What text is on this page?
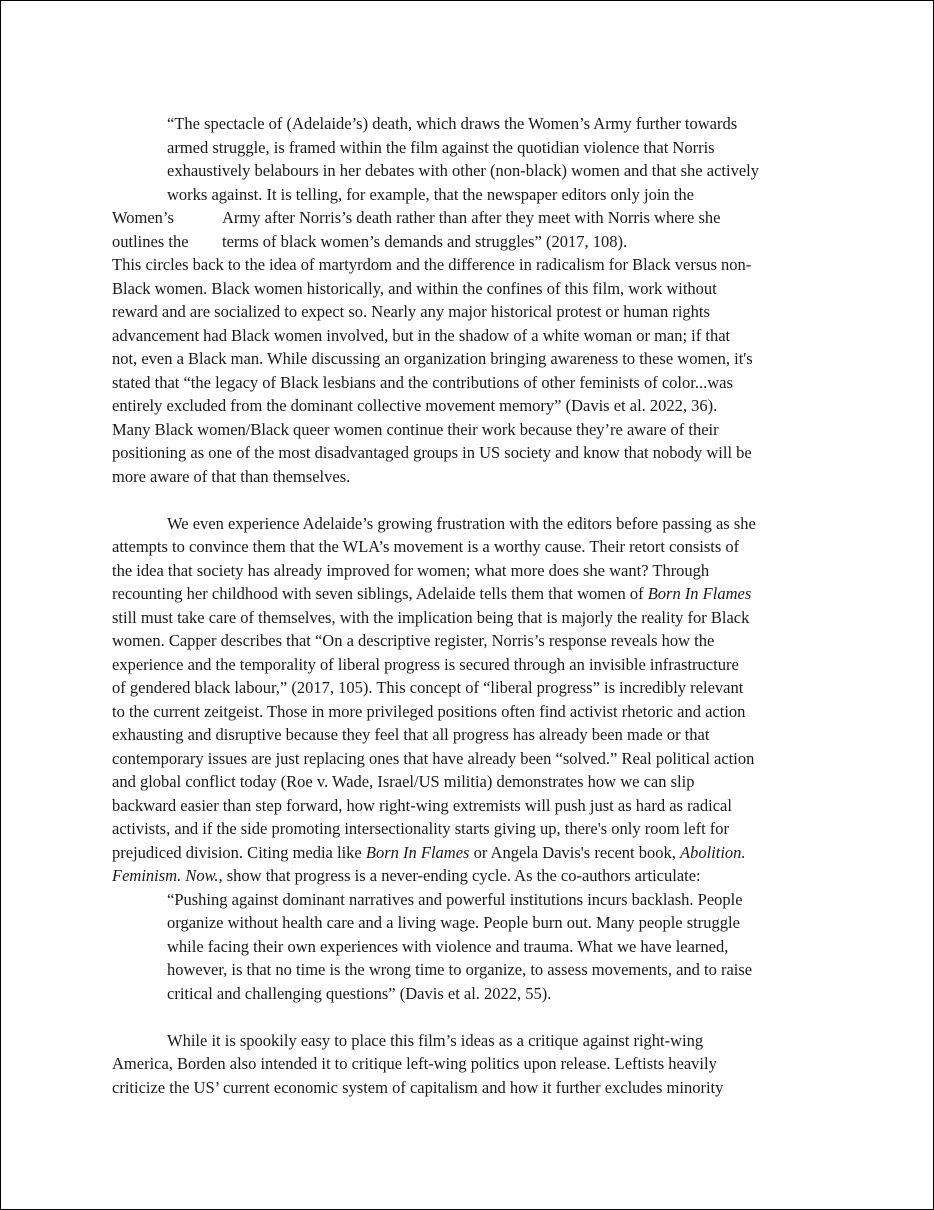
“The spectacle of (Adelaide’s) death, which draws the Women’s Army further towards
armed struggle, is framed within the film against the quotidian violence that Norris
exhaustively belabours in her debates with other (non-black) women and that she actively
works against. It is telling, for example, that the newspaper editors only join the
Women’s	Army after Norris’s death rather than after they meet with Norris where she
outlines the terms of black women’s demands and struggles” (2017, 108).
This circles back to the idea of martyrdom and the difference in radicalism for Black versus non-
Black women. Black women historically, and within the confines of this film, work without
reward and are socialized to expect so. Nearly any major historical protest or human rights
advancement had Black women involved, but in the shadow of a white woman or man; if that
not, even a Black man. While discussing an organization bringing awareness to these women, it's
stated that “the legacy of Black lesbians and the contributions of other feminists of color...was
entirely excluded from the dominant collective movement memory” (Davis et al. 2022, 36).
Many Black women/Black queer women continue their work because they’re aware of their
positioning as one of the most disadvantaged groups in US society and know that nobody will be
more aware of that than themselves.
We even experience Adelaide’s growing frustration with the editors before passing as she
attempts to convince them that the WLA’s movement is a worthy cause. Their retort consists of
the idea that society has already improved for women; what more does she want? Through
recounting her childhood with seven siblings, Adelaide tells them that women of Born In Flames
still must take care of themselves, with the implication being that is majorly the reality for Black
women. Capper describes that “On a descriptive register, Norris’s response reveals how the
experience and the temporality of liberal progress is secured through an invisible infrastructure
of gendered black labour,” (2017, 105). This concept of “liberal progress” is incredibly relevant
to the current zeitgeist. Those in more privileged positions often find activist rhetoric and action
exhausting and disruptive because they feel that all progress has already been made or that
contemporary issues are just replacing ones that have already been “solved.” Real political action
and global conflict today (Roe v. Wade, Israel/US militia) demonstrates how we can slip
backward easier than step forward, how right-wing extremists will push just as hard as radical
activists, and if the side promoting intersectionality starts giving up, there's only room left for
prejudiced division. Citing media like Born In Flames or Angela Davis's recent book, Abolition.
Feminism. Now., show that progress is a never-ending cycle. As the co-authors articulate:
“Pushing against dominant narratives and powerful institutions incurs backlash. People
organize without health care and a living wage. People burn out. Many people struggle
while facing their own experiences with violence and trauma. What we have learned,
however, is that no time is the wrong time to organize, to assess movements, and to raise
critical and challenging questions” (Davis et al. 2022, 55).
While it is spookily easy to place this film’s ideas as a critique against right-wing
America, Borden also intended it to critique left-wing politics upon release. Leftists heavily
criticize the US’ current economic system of capitalism and how it further excludes minority
